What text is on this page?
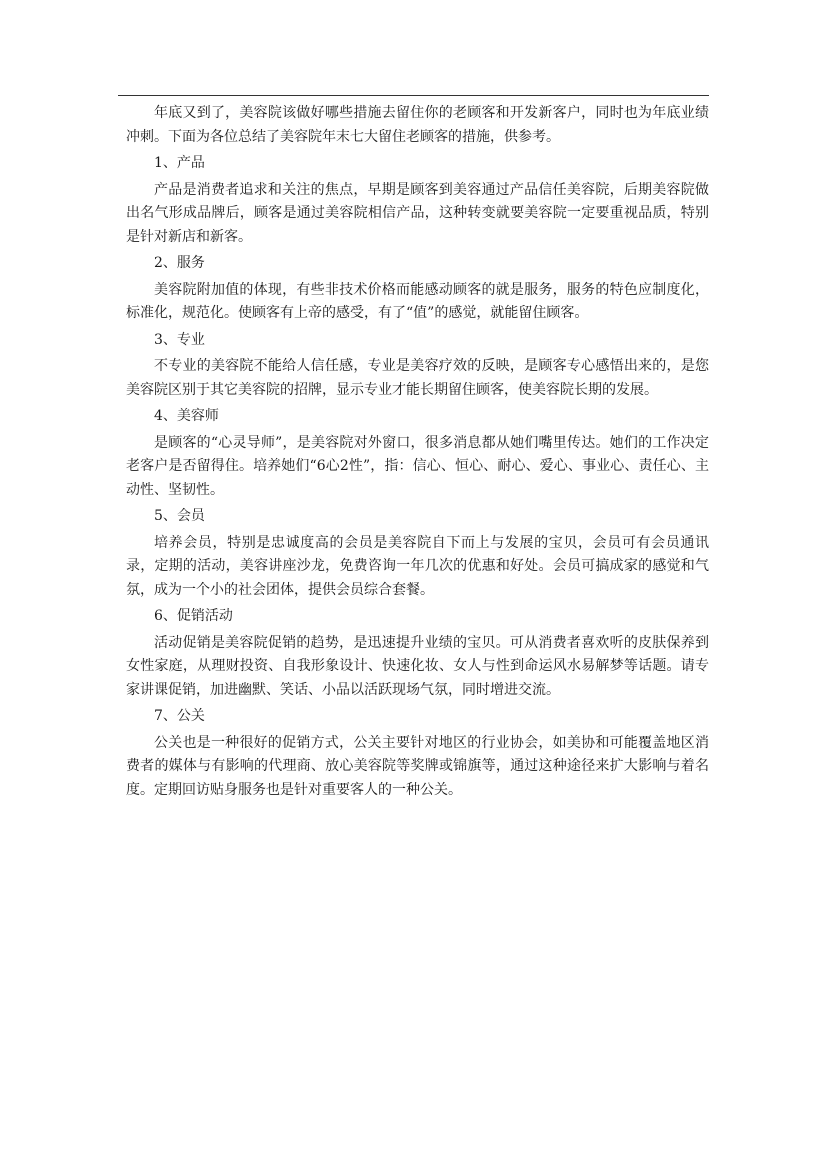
年底又到了，美容院该做好哪些措施去留住你的老顾客和开发新客户，同时也为年底业绩冲刺。下面为各位总结了美容院年末七大留住老顾客的措施，供参考。

1、产品

产品是消费者追求和关注的焦点，早期是顾客到美容通过产品信任美容院，后期美容院做出名气形成品牌后，顾客是通过美容院相信产品，这种转变就要美容院一定要重视品质，特别是针对新店和新客。

2、服务

美容院附加值的体现，有些非技术价格而能感动顾客的就是服务，服务的特色应制度化，标准化，规范化。使顾客有上帝的感受，有了“值”的感觉，就能留住顾客。

3、专业

不专业的美容院不能给人信任感，专业是美容疗效的反映，是顾客专心感悟出来的，是您美容院区别于其它美容院的招牌，显示专业才能长期留住顾客，使美容院长期的发展。

4、美容师

是顾客的“心灵导师”，是美容院对外窗口，很多消息都从她们嘴里传达。她们的工作决定老客户是否留得住。培养她们“6心2性”，指：信心、恒心、耐心、爱心、事业心、责任心、主动性、坚韧性。

5、会员

培养会员，特别是忠诚度高的会员是美容院自下而上与发展的宝贝，会员可有会员通讯录，定期的活动，美容讲座沙龙，免费咨询一年几次的优惠和好处。会员可搞成家的感觉和气氛，成为一个小的社会团体，提供会员综合套餐。

6、促销活动

活动促销是美容院促销的趋势，是迅速提升业绩的宝贝。可从消费者喜欢听的皮肤保养到女性家庭，从理财投资、自我形象设计、快速化妆、女人与性到命运风水易解梦等话题。请专家讲课促销，加进幽默、笑话、小品以活跃现场气氛，同时增进交流。

7、公关

公关也是一种很好的促销方式，公关主要针对地区的行业协会，如美协和可能覆盖地区消费者的媒体与有影响的代理商、放心美容院等奖牌或锦旗等，通过这种途径来扩大影响与着名度。定期回访贴身服务也是针对重要客人的一种公关。
